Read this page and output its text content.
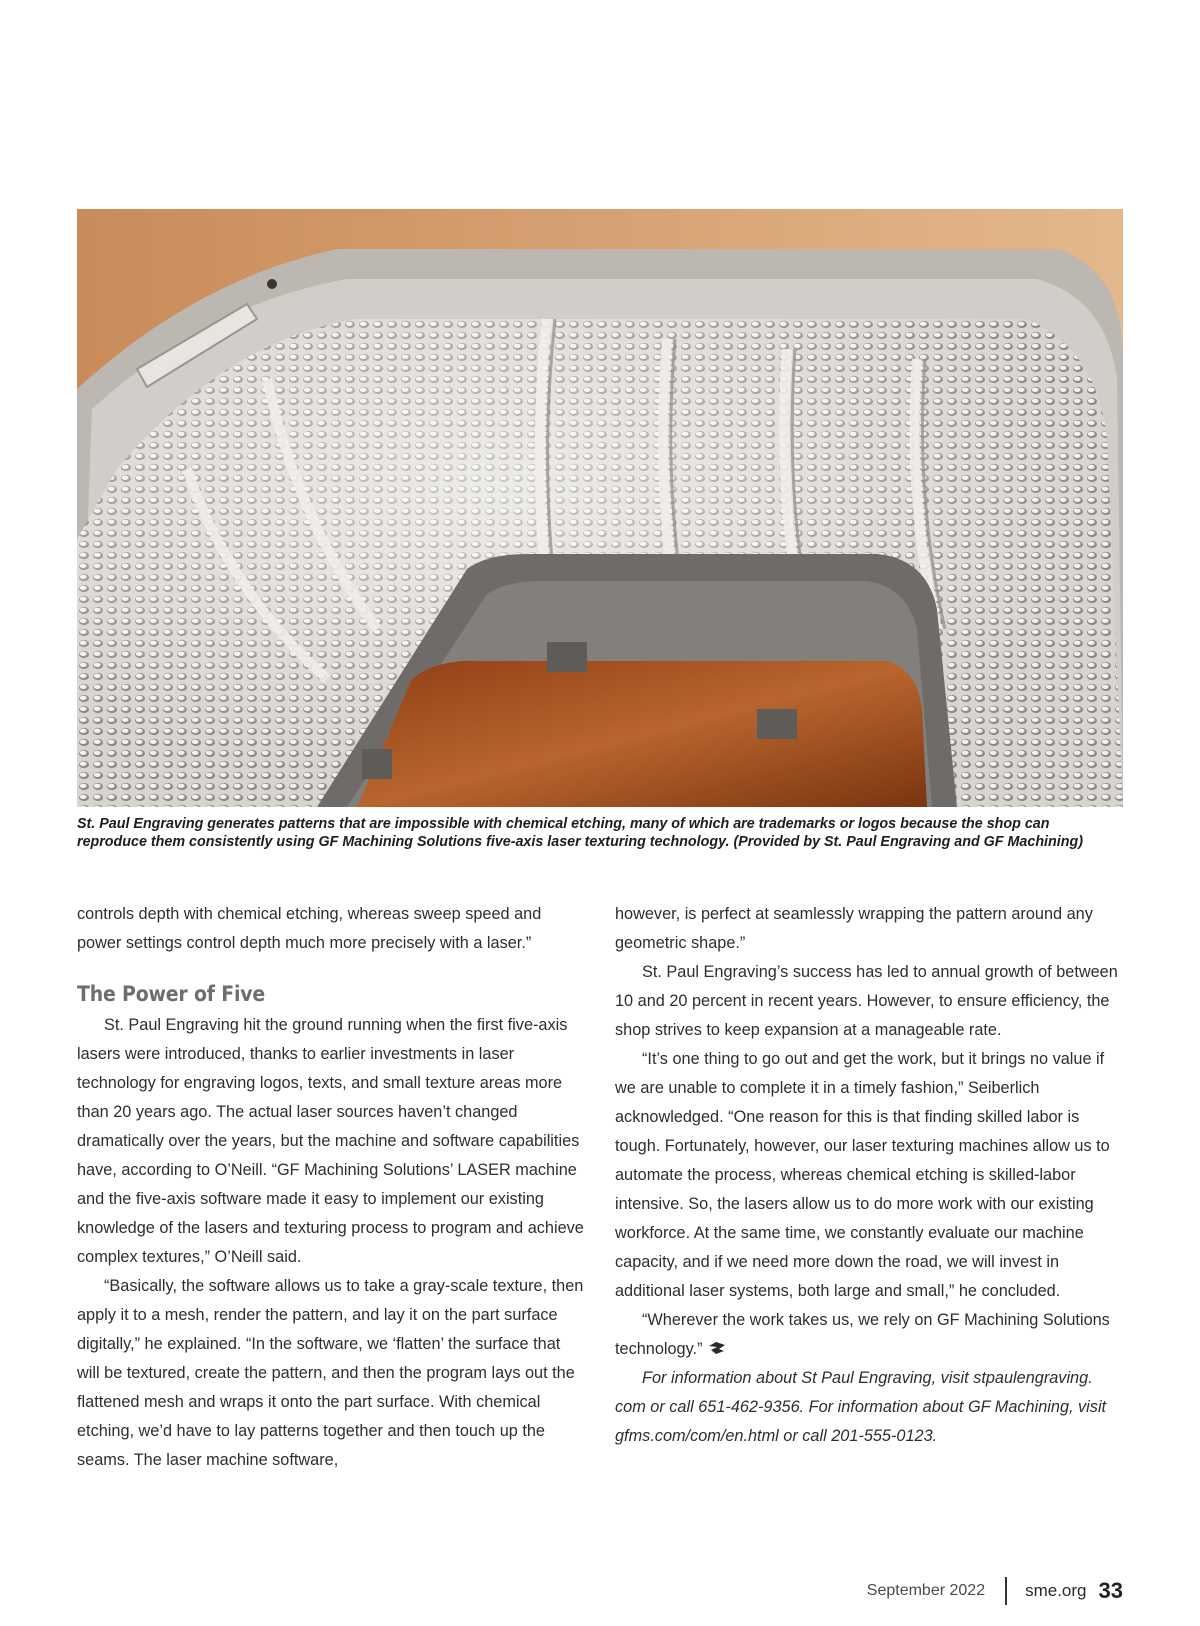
St. Paul Engraving generates patterns that are impossible with chemical etching, many of which are trademarks or logos because the shop can reproduce them consistently using GF Machining Solutions five-axis laser texturing technology. (Provided by St. Paul Engraving and GF Machining)

controls depth with chemical etching, whereas sweep speed and power settings control depth much more precisely with a laser.”

The Power of Five

St. Paul Engraving hit the ground running when the first five-axis lasers were introduced, thanks to earlier investments in laser technology for engraving logos, texts, and small texture areas more than 20 years ago. The actual laser sources haven’t changed dramatically over the years, but the machine and software capabilities have, according to O’Neill. “GF Machining Solutions’ LASER machine and the five-axis software made it easy to implement our existing knowledge of the lasers and texturing process to program and achieve complex textures,” O’Neill said.

“Basically, the software allows us to take a gray-scale texture, then apply it to a mesh, render the pattern, and lay it on the part surface digitally,” he explained. “In the software, we ‘flatten’ the surface that will be textured, create the pattern, and then the program lays out the flattened mesh and wraps it onto the part surface. With chemical etching, we’d have to lay patterns together and then touch up the seams. The laser machine software,

however, is perfect at seamlessly wrapping the pattern around any geometric shape.”

St. Paul Engraving’s success has led to annual growth of between 10 and 20 percent in recent years. However, to ensure efficiency, the shop strives to keep expansion at a manageable rate.

“It’s one thing to go out and get the work, but it brings no value if we are unable to complete it in a timely fashion,” Seiberlich acknowledged. “One reason for this is that finding skilled labor is tough. Fortunately, however, our laser texturing machines allow us to automate the process, whereas chemical etching is skilled-labor intensive. So, the lasers allow us to do more work with our existing workforce. At the same time, we constantly evaluate our machine capacity, and if we need more down the road, we will invest in additional laser systems, both large and small,” he concluded.

“Wherever the work takes us, we rely on GF Machining Solutions technology.”

For information about St Paul Engraving, visit stpaulengraving. com or call 651-462-9356. For information about GF Machining, visit gfms.com/com/en.html or call 201-555-0123.

September 2022 sme.org 33
